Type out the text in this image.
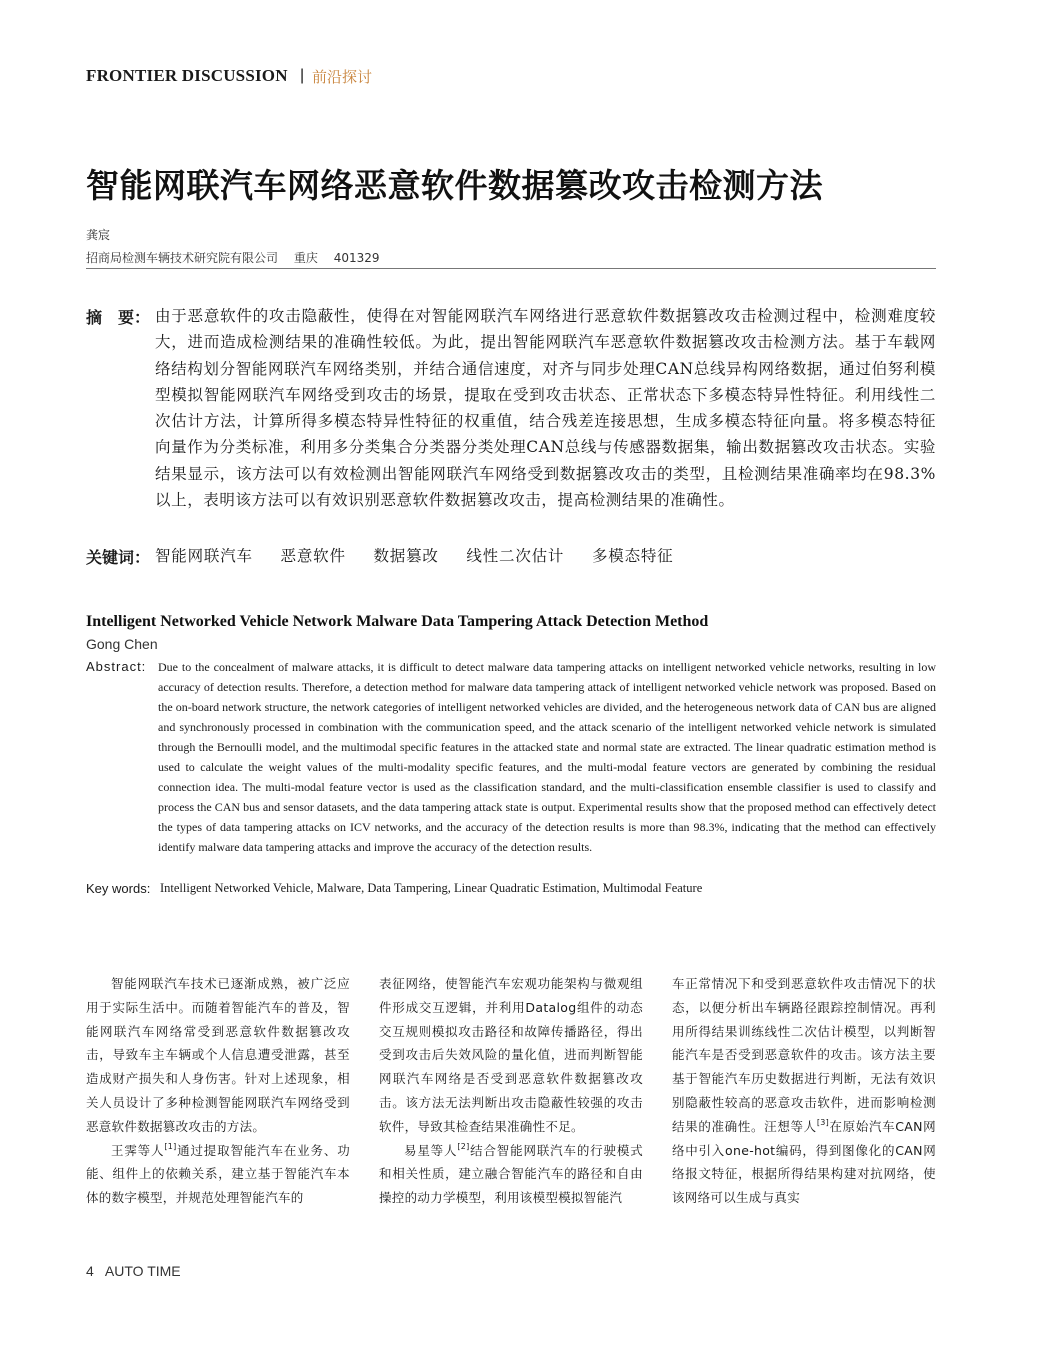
FRONTIER DISCUSSION | 前沿探讨
智能网联汽车网络恶意软件数据篡改攻击检测方法
龚宸
招商局检测车辆技术研究院有限公司 重庆 401329
摘　要： 由于恶意软件的攻击隐蔽性，使得在对智能网联汽车网络进行恶意软件数据篡改攻击检测过程中，检测难度较大，进而造成检测结果的准确性较低。为此，提出智能网联汽车恶意软件数据篡改攻击检测方法。基于车载网络结构划分智能网联汽车网络类别，并结合通信速度，对齐与同步处理CAN总线异构网络数据，通过伯努利模型模拟智能网联汽车网络受到攻击的场景，提取在受到攻击状态、正常状态下多模态特异性特征。利用线性二次估计方法，计算所得多模态特异性特征的权重值，结合残差连接思想，生成多模态特征向量。将多模态特征向量作为分类标准，利用多分类集合分类器分类处理CAN总线与传感器数据集，输出数据篡改攻击状态。实验结果显示，该方法可以有效检测出智能网联汽车网络受到数据篡改攻击的类型，且检测结果准确率均在98.3%以上，表明该方法可以有效识别恶意软件数据篡改攻击，提高检测结果的准确性。
关键词： 智能网联汽车 恶意软件 数据篡改 线性二次估计 多模态特征
Intelligent Networked Vehicle Network Malware Data Tampering Attack Detection Method
Gong Chen
Abstract: Due to the concealment of malware attacks, it is difficult to detect malware data tampering attacks on intelligent networked vehicle networks, resulting in low accuracy of detection results. Therefore, a detection method for malware data tampering attack of intelligent networked vehicle network was proposed. Based on the on-board network structure, the network categories of intelligent networked vehicles are divided, and the heterogeneous network data of CAN bus are aligned and synchronously processed in combination with the communication speed, and the attack scenario of the intelligent networked vehicle network is simulated through the Bernoulli model, and the multimodal specific features in the attacked state and normal state are extracted. The linear quadratic estimation method is used to calculate the weight values of the multi-modality specific features, and the multi-modal feature vectors are generated by combining the residual connection idea. The multi-modal feature vector is used as the classification standard, and the multi-classification ensemble classifier is used to classify and process the CAN bus and sensor datasets, and the data tampering attack state is output. Experimental results show that the proposed method can effectively detect the types of data tampering attacks on ICV networks, and the accuracy of the detection results is more than 98.3%, indicating that the method can effectively identify malware data tampering attacks and improve the accuracy of the detection results.
Key words: Intelligent Networked Vehicle, Malware, Data Tampering, Linear Quadratic Estimation, Multimodal Feature

智能网联汽车技术已逐渐成熟，被广泛应用于实际生活中。而随着智能汽车的普及，智能网联汽车网络常受到恶意软件数据篡改攻击，导致车主车辆或个人信息遭受泄露，甚至造成财产损失和人身伤害。针对上述现象，相关人员设计了多种检测智能网联汽车网络受到恶意软件数据篡改攻击的方法。

王霁等人[1]通过提取智能汽车在业务、功能、组件上的依赖关系，建立基于智能汽车本体的数字模型，并规范处理智能汽车的

表征网络，使智能汽车宏观功能架构与微观组件形成交互逻辑，并利用Datalog组件的动态交互规则模拟攻击路径和故障传播路径，得出受到攻击后失效风险的量化值，进而判断智能网联汽车网络是否受到恶意软件数据篡改攻击。该方法无法判断出攻击隐蔽性较强的攻击软件，导致其检查结果准确性不足。

易星等人[2]结合智能网联汽车的行驶模式和相关性质，建立融合智能汽车的路径和自由操控的动力学模型，利用该模型模拟智能汽

车正常情况下和受到恶意软件攻击情况下的状态，以便分析出车辆路径跟踪控制情况。再利用所得结果训练线性二次估计模型，以判断智能汽车是否受到恶意软件的攻击。该方法主要基于智能汽车历史数据进行判断，无法有效识别隐蔽性较高的恶意攻击软件，进而影响检测结果的准确性。汪想等人[3]在原始汽车CAN网络中引入one-hot编码，得到图像化的CAN网络报文特征，根据所得结果构建对抗网络，使该网络可以生成与真实

4 AUTO TIME
